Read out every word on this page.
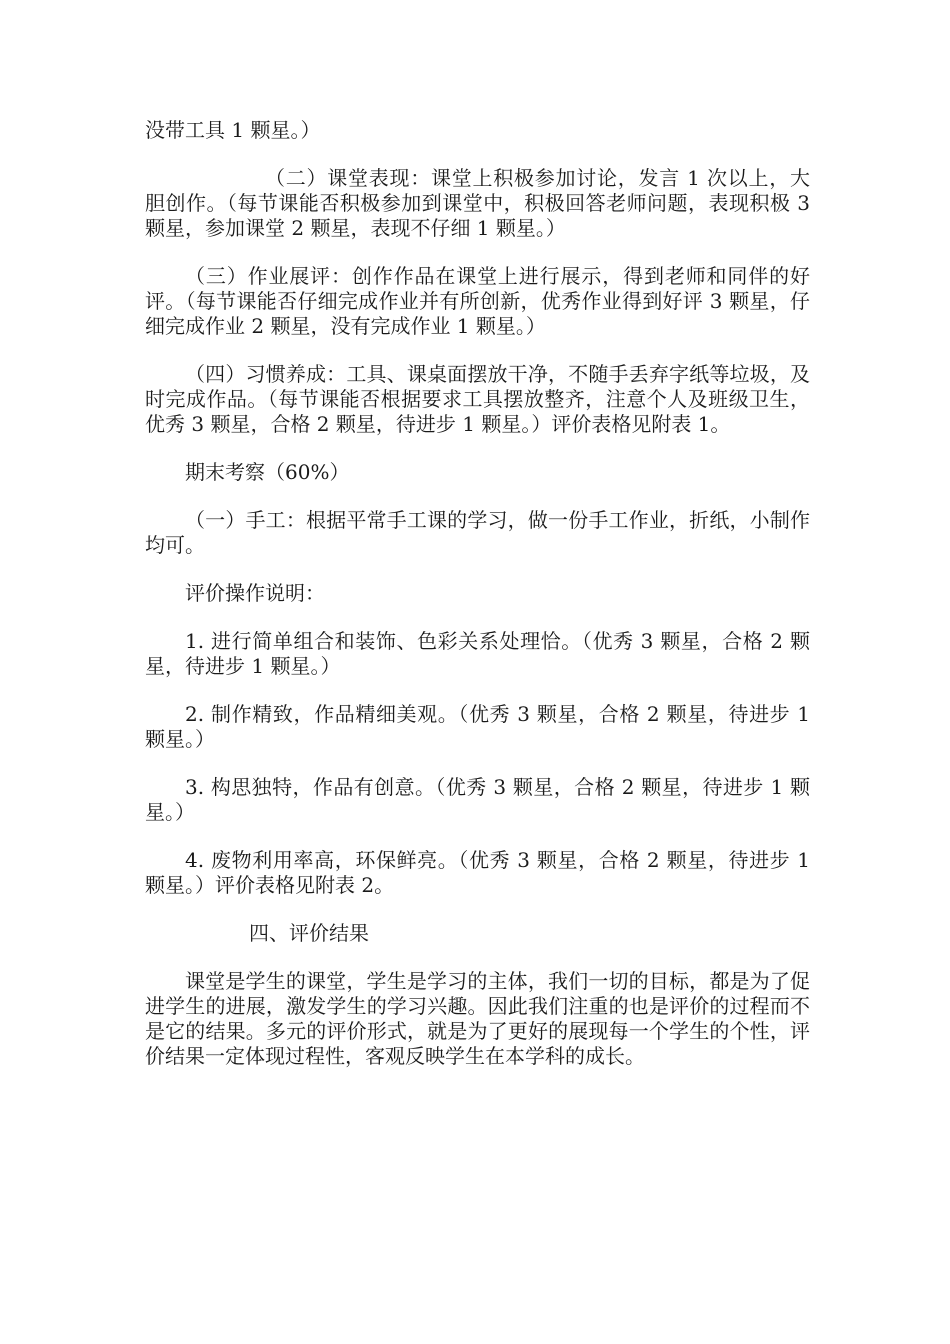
没带工具 1 颗星。）

（二）课堂表现：课堂上积极参加讨论，发言 1 次以上，大胆创作。（每节课能否积极参加到课堂中，积极回答老师问题，表现积极 3 颗星，参加课堂 2 颗星，表现不仔细 1 颗星。）

（三）作业展评：创作作品在课堂上进行展示，得到老师和同伴的好评。（每节课能否仔细完成作业并有所创新，优秀作业得到好评 3 颗星，仔细完成作业 2 颗星，没有完成作业 1 颗星。）

（四）习惯养成：工具、课桌面摆放干净，不随手丢弃字纸等垃圾，及时完成作品。（每节课能否根据要求工具摆放整齐，注意个人及班级卫生，优秀 3 颗星，合格 2 颗星，待进步 1 颗星。）评价表格见附表 1。

期末考察（60%）

（一）手工：根据平常手工课的学习，做一份手工作业，折纸，小制作均可。

评价操作说明：

1. 进行简单组合和装饰、色彩关系处理恰。（优秀 3 颗星，合格 2 颗星，待进步 1 颗星。）

2. 制作精致，作品精细美观。（优秀 3 颗星，合格 2 颗星，待进步 1 颗星。）

3. 构思独特，作品有创意。（优秀 3 颗星，合格 2 颗星，待进步 1 颗星。）

4. 废物利用率高，环保鲜亮。（优秀 3 颗星，合格 2 颗星，待进步 1 颗星。）评价表格见附表 2。

四、评价结果

课堂是学生的课堂，学生是学习的主体，我们一切的目标，都是为了促进学生的进展，激发学生的学习兴趣。因此我们注重的也是评价的过程而不是它的结果。多元的评价形式，就是为了更好的展现每一个学生的个性，评价结果一定体现过程性，客观反映学生在本学科的成长。
